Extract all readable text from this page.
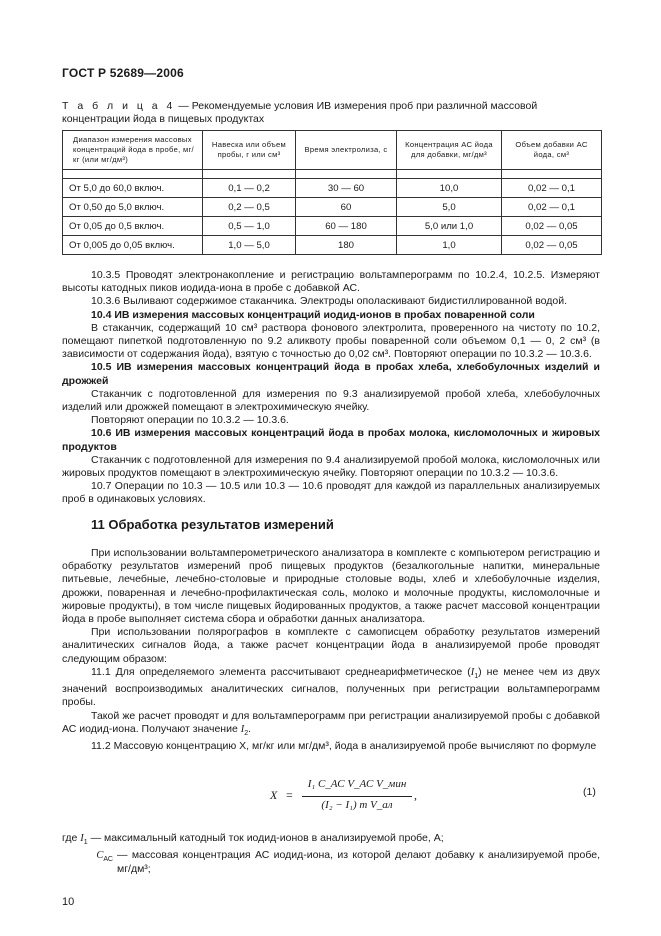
ГОСТ Р 52689—2006
Т а б л и ц а 4 — Рекомендуемые условия ИВ измерения проб при различной массовой концентрации йода в пищевых продуктах
Диапазон измерения массовых концентраций йода в пробе, мг/кг (или мг/дм³)	Навеска или объем пробы, г или см³	Время электролиза, с	Концентрация АС йода для добавки, мг/дм³	Объем добавки АС йода, см³

От 5,0 до 60,0 включ.	0,1 — 0,2	30 — 60	10,0	0,02 — 0,1
От 0,50 до 5,0 включ.	0,2 — 0,5	60	5,0	0,02 — 0,1
От 0,05 до 0,5 включ.	0,5 — 1,0	60 — 180	5,0 или 1,0	0,02 — 0,05
От 0,005 до 0,05 включ.	1,0 — 5,0	180	1,0	0,02 — 0,05

10.3.5 Проводят электронакопление и регистрацию вольтамперограмм по 10.2.4, 10.2.5. Измеряют высоты катодных пиков иодида-иона в пробе с добавкой АС.

10.3.6 Выливают содержимое стаканчика. Электроды ополаскивают бидистиллированной водой.

10.4 ИВ измерения массовых концентраций иодид-ионов в пробах поваренной соли

В стаканчик, содержащий 10 см³ раствора фонового электролита, проверенного на чистоту по 10.2, помещают пипеткой подготовленную по 9.2 аликвоту пробы поваренной соли объемом 0,1 — 0, 2 см³ (в зависимости от содержания йода), взятую с точностью до 0,02 см³. Повторяют операции по 10.3.2 — 10.3.6.

10.5 ИВ измерения массовых концентраций йода в пробах хлеба, хлебобулочных изделий и дрожжей

Стаканчик с подготовленной для измерения по 9.3 анализируемой пробой хлеба, хлебобулочных изделий или дрожжей помещают в электрохимическую ячейку.

Повторяют операции по 10.3.2 — 10.3.6.

10.6 ИВ измерения массовых концентраций йода в пробах молока, кисломолочных и жировых продуктов

Стаканчик с подготовленной для измерения по 9.4 анализируемой пробой молока, кисломолочных или жировых продуктов помещают в электрохимическую ячейку. Повторяют операции по 10.3.2 — 10.3.6.

10.7 Операции по 10.3 — 10.5 или 10.3 — 10.6 проводят для каждой из параллельных анализируемых проб в одинаковых условиях.

11 Обработка результатов измерений

При использовании вольтамперометрического анализатора в комплекте с компьютером регистрацию и обработку результатов измерений проб пищевых продуктов (безалкогольные напитки, минеральные питьевые, лечебные, лечебно-столовые и природные столовые воды, хлеб и хлебобулочные изделия, дрожжи, поваренная и лечебно-профилактическая соль, молоко и молочные продукты, кисломолочные и жировые продукты), в том числе пищевых йодированных продуктов, а также расчет массовой концентрации йода в пробе выполняет система сбора и обработки данных анализатора.

При использовании полярографов в комплекте с самописцем обработку результатов измерений аналитических сигналов йода, а также расчет концентрации йода в анализируемой пробе проводят следующим образом:

11.1 Для определяемого элемента рассчитывают среднеарифметическое $(I_1)$ не менее чем из двух значений воспроизводимых аналитических сигналов, полученных при регистрации вольтамперограмм пробы.

Такой же расчет проводят и для вольтамперограмм при регистрации анализируемой пробы с добавкой АС иодид-иона. Получают значение $I_2$.

11.2 Массовую концентрацию X, мг/кг или мг/дм³, йода в анализируемой пробе вычисляют по формуле

X =
I₁ C_АС V_АС V_мин
(I₂ − I₁) m V_ал
,	(1)
где $I_1$ — максимальный катодный ток иодид-ионов в анализируемой пробе, А;
$C_{АС}$ — массовая концентрация АС иодид-иона, из которой делают добавку к анализируемой пробе, мг/дм³;
10
